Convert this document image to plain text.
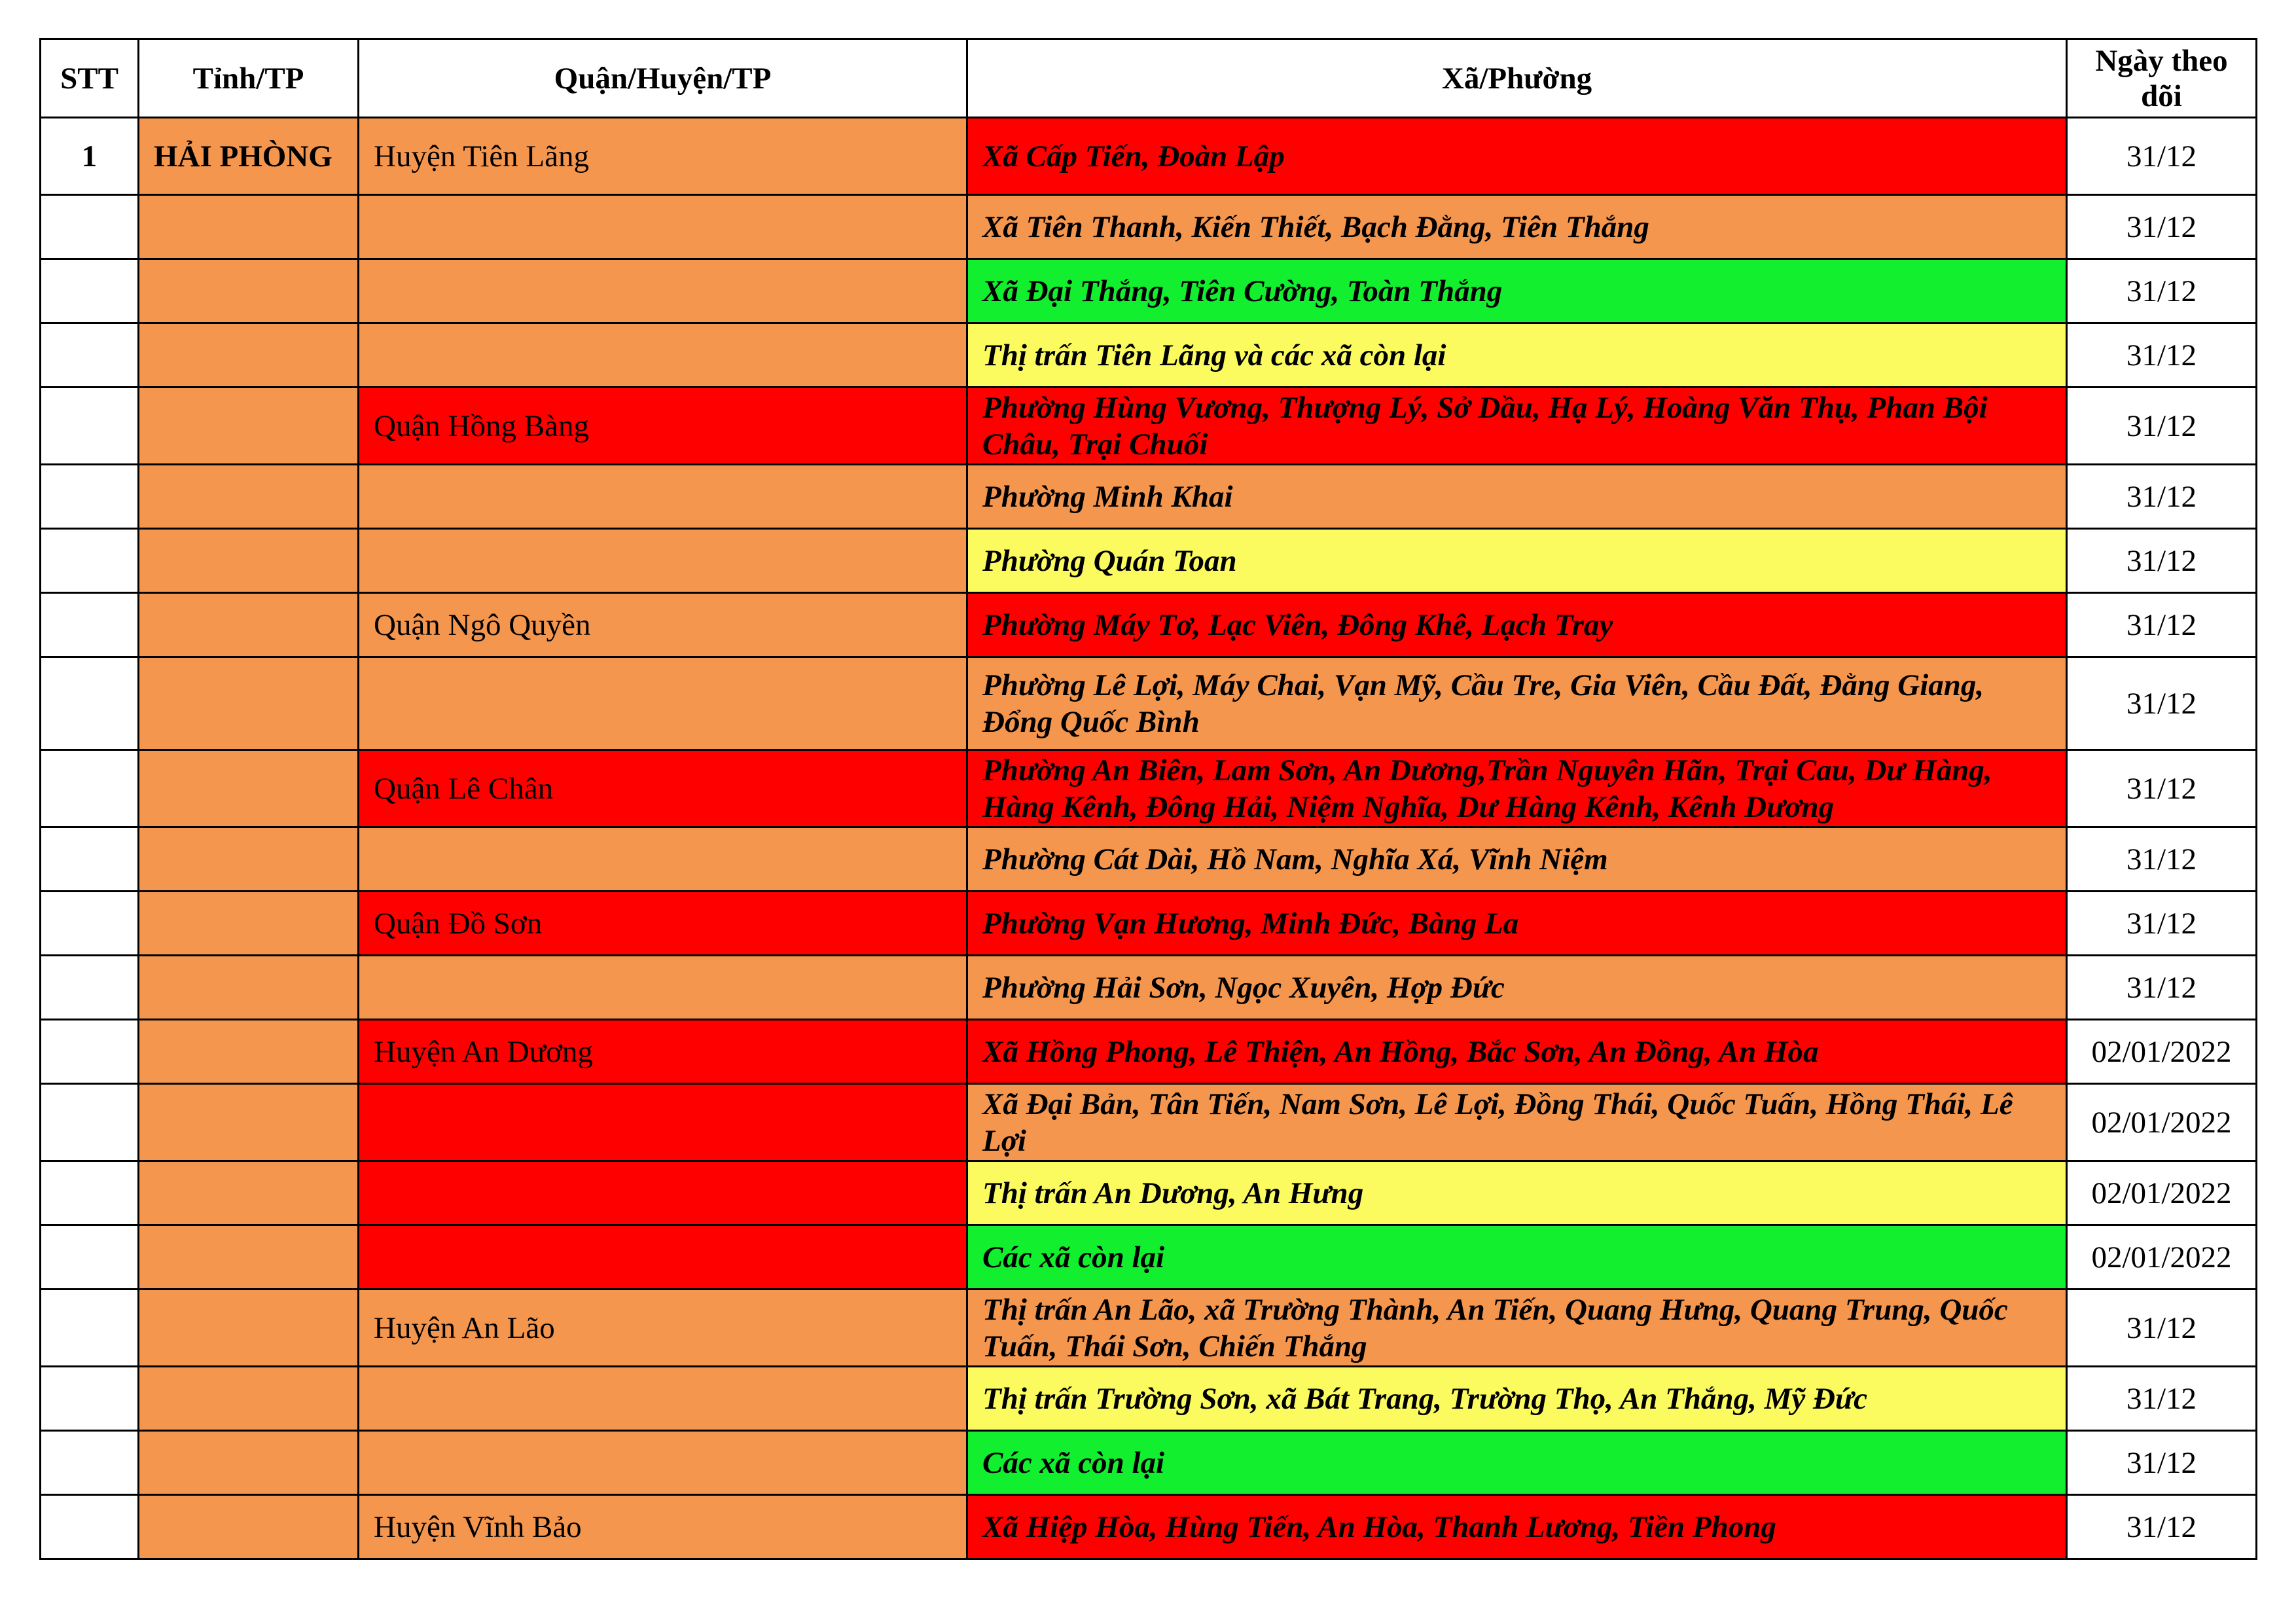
STT	Tỉnh/TP	Quận/Huyện/TP	Xã/Phường	Ngày theo dõi
1	HẢI PHÒNG	Huyện Tiên Lãng	Xã Cấp Tiến, Đoàn Lập	31/12
			Xã Tiên Thanh, Kiến Thiết, Bạch Đằng, Tiên Thắng	31/12
			Xã Đại Thắng, Tiên Cường, Toàn Thắng	31/12
			Thị trấn Tiên Lãng và các xã còn lại	31/12
		Quận Hồng Bàng	Phường Hùng Vương, Thượng Lý, Sở Dầu, Hạ Lý, Hoàng Văn Thụ, Phan Bội Châu, Trại Chuối	31/12
			Phường Minh Khai	31/12
			Phường Quán Toan	31/12
		Quận Ngô Quyền	Phường Máy Tơ, Lạc Viên, Đông Khê, Lạch Tray	31/12
			Phường Lê Lợi, Máy Chai, Vạn Mỹ, Cầu Tre, Gia Viên, Cầu Đất, Đằng Giang, Đổng Quốc Bình	31/12
		Quận Lê Chân	Phường An Biên, Lam Sơn, An Dương,Trần Nguyên Hãn, Trại Cau, Dư Hàng, Hàng Kênh, Đông Hải, Niệm Nghĩa, Dư Hàng Kênh, Kênh Dương	31/12
			Phường Cát Dài, Hồ Nam, Nghĩa Xá, Vĩnh Niệm	31/12
		Quận Đồ Sơn	Phường Vạn Hương, Minh Đức, Bàng La	31/12
			Phường Hải Sơn, Ngọc Xuyên, Hợp Đức	31/12
		Huyện An Dương	Xã Hồng Phong, Lê Thiện, An Hồng, Bắc Sơn, An Đồng, An Hòa	02/01/2022
			Xã Đại Bản, Tân Tiến, Nam Sơn, Lê Lợi, Đồng Thái, Quốc Tuấn, Hồng Thái, Lê Lợi	02/01/2022
			Thị trấn An Dương, An Hưng	02/01/2022
			Các xã còn lại	02/01/2022
		Huyện An Lão	Thị trấn An Lão, xã Trường Thành, An Tiến, Quang Hưng, Quang Trung, Quốc Tuấn, Thái Sơn, Chiến Thắng	31/12
			Thị trấn Trường Sơn, xã Bát Trang, Trường Thọ, An Thắng, Mỹ Đức	31/12
			Các xã còn lại	31/12
		Huyện Vĩnh Bảo	Xã Hiệp Hòa, Hùng Tiến, An Hòa, Thanh Lương, Tiền Phong	31/12
